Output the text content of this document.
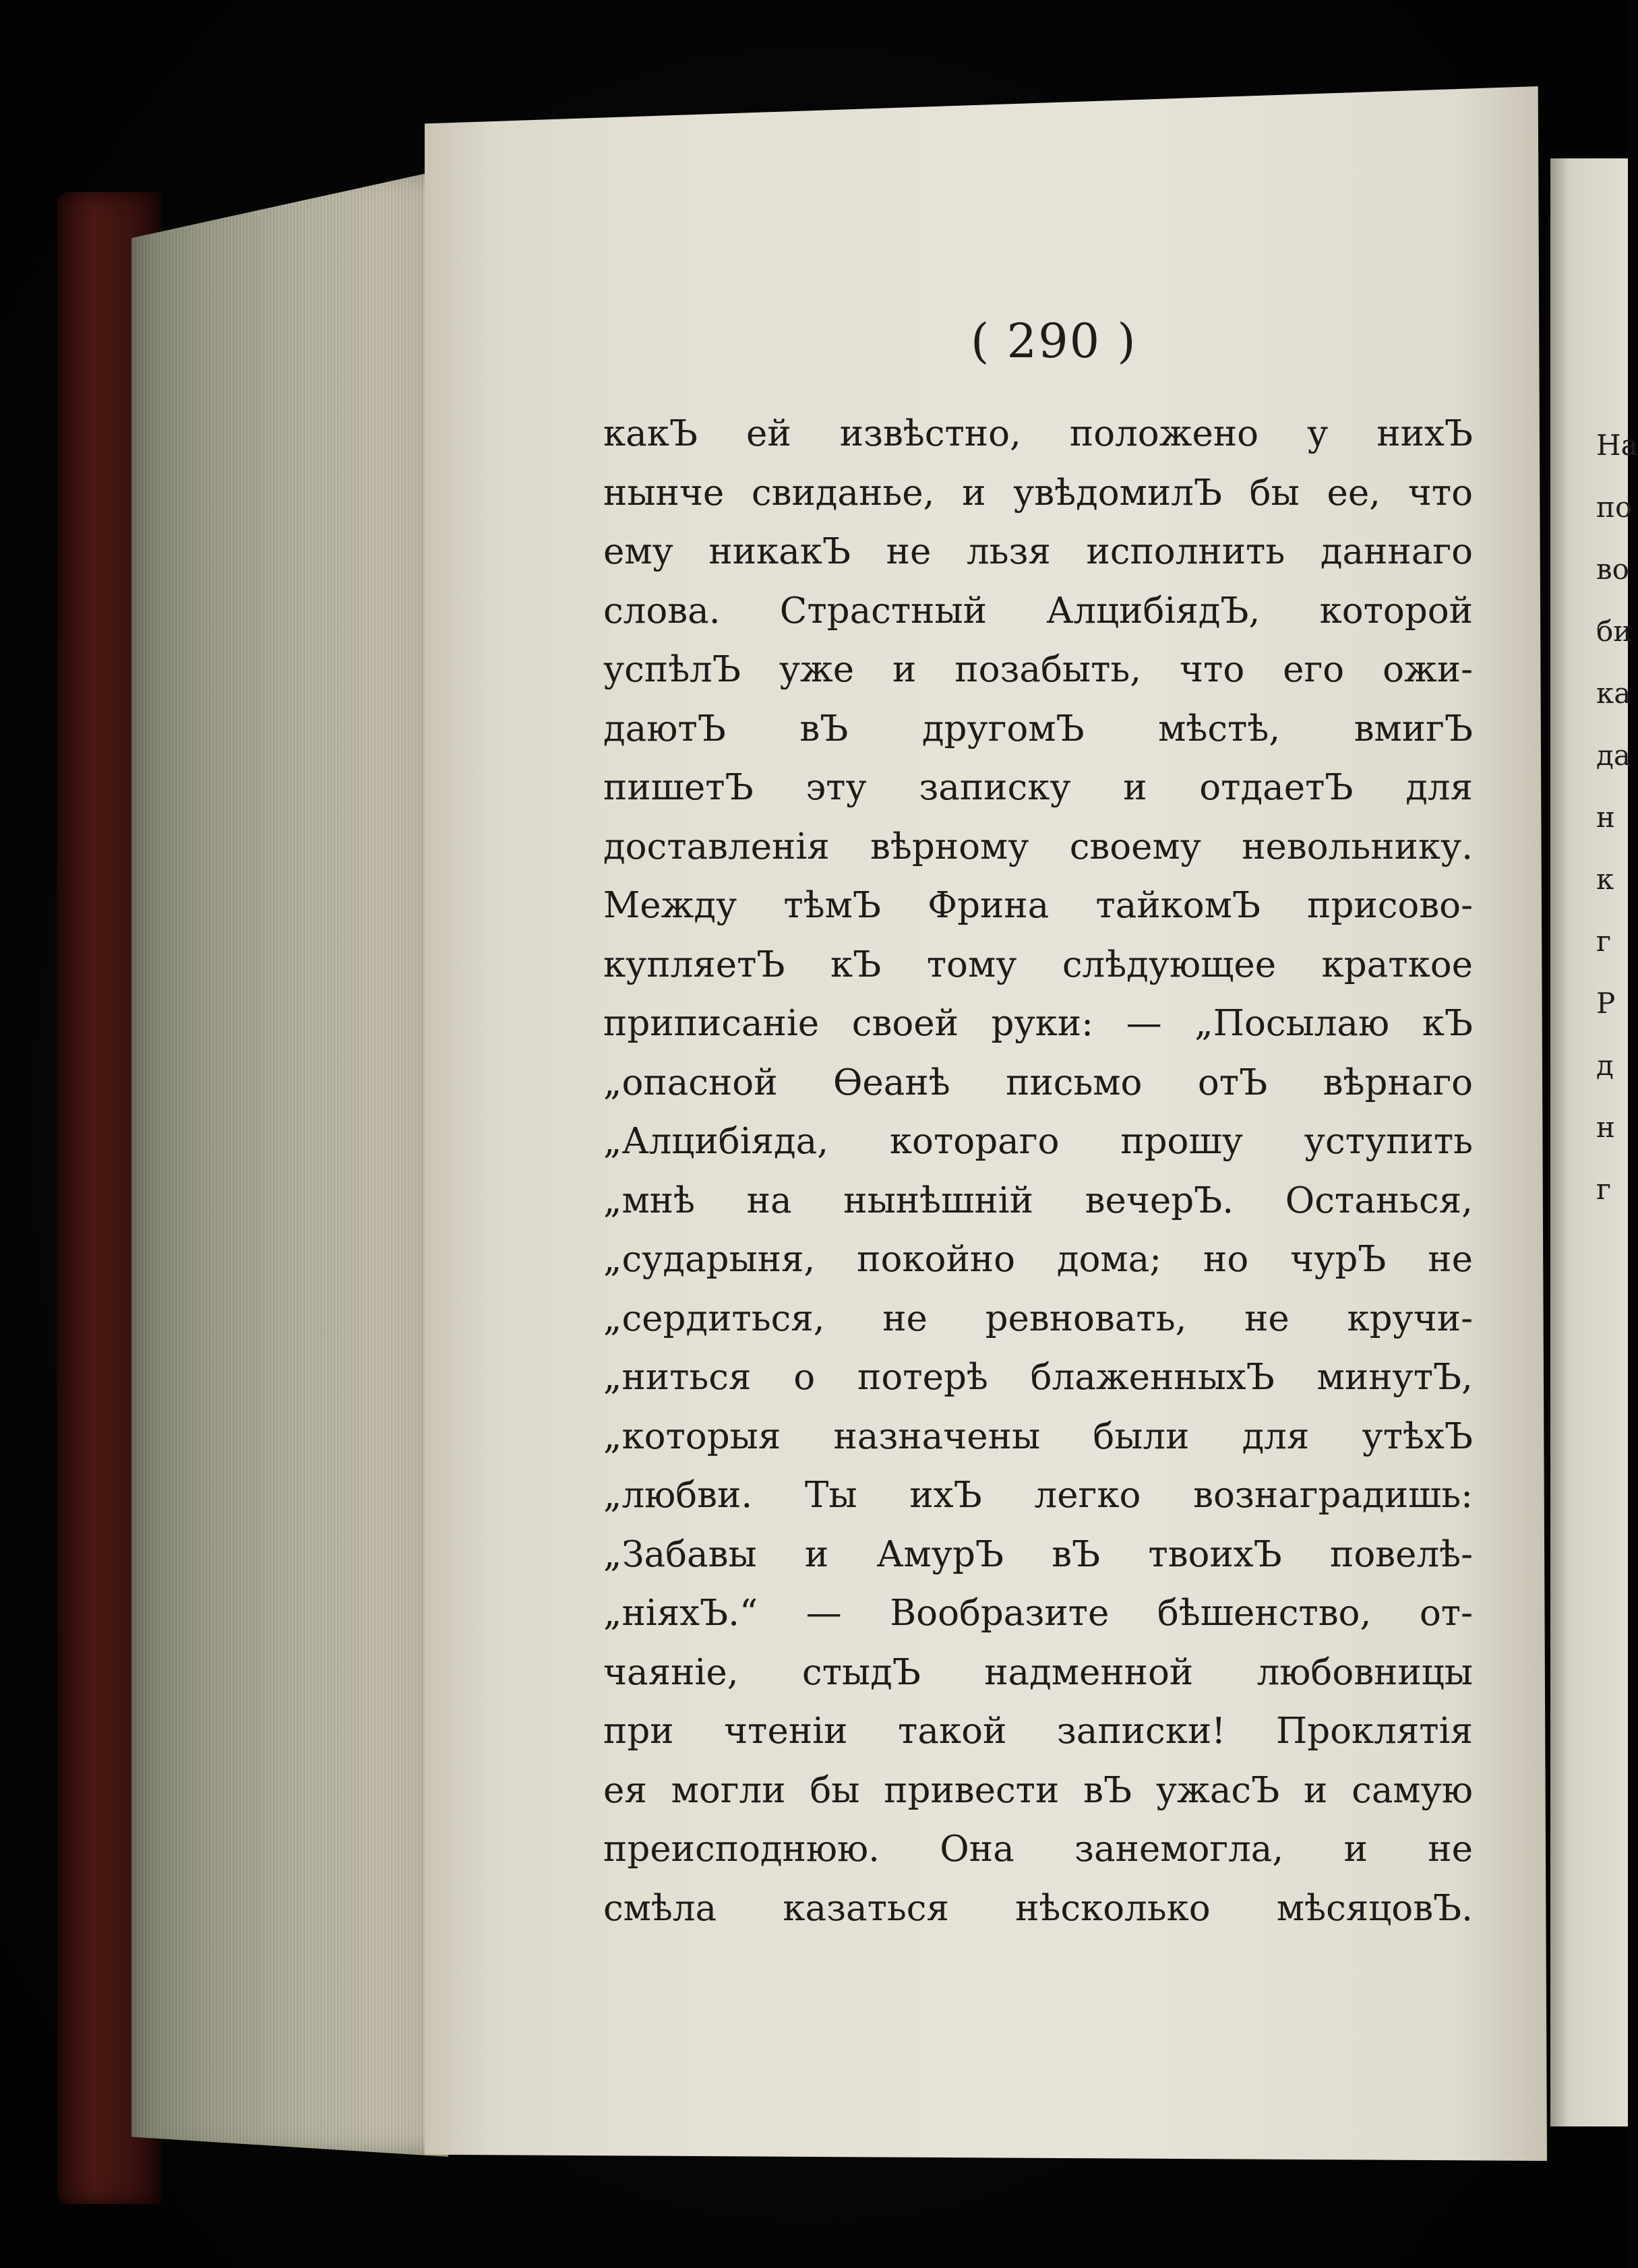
На
по
во
би
ка
да
н
к
г
Р
д
н
г
( 290 )
какЪ ей извѣстно, положено у нихЪ
нынче свиданье, и увѣдомилЪ бы ее, что
ему никакЪ не льзя исполнить даннаго
слова. Страстный АлцибіядЪ, которой
успѣлЪ уже и позабыть, что его ожи-
даютЪ вЪ другомЪ мѣстѣ, вмигЪ
пишетЪ эту записку и отдаетЪ для
доставленія вѣрному своему невольнику.
Между тѣмЪ Фрина тайкомЪ присово-
купляетЪ кЪ тому слѣдующее краткое
приписаніе своей руки: — „Посылаю кЪ
„опасной Ѳеанѣ письмо отЪ вѣрнаго
„Алцибіяда, котораго прошу уступить
„мнѣ на нынѣшній вечерЪ. Останься,
„сударыня, покойно дома; но чурЪ не
„сердиться, не ревновать, не кручи-
„ниться о потерѣ блаженныхЪ минутЪ,
„которыя назначены были для утѣхЪ
„любви. Ты ихЪ легко вознаградишь:
„Забавы и АмурЪ вЪ твоихЪ повелѣ-
„ніяхЪ.“ — Вообразите бѣшенство, от-
чаяніе, стыдЪ надменной любовницы
при чтеніи такой записки! Проклятія
ея могли бы привести вЪ ужасЪ и самую
преисподнюю. Она занемогла, и не
смѣла казаться нѣсколько мѣсяцовЪ.
